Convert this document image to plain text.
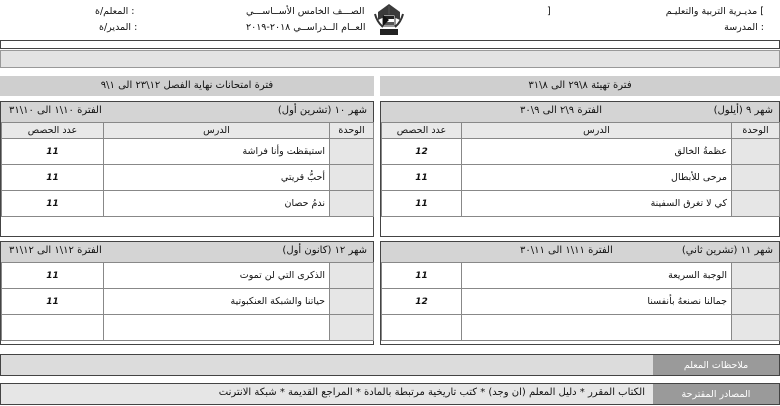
مديـرية التربية والتعليـم [
]
المدرسة :
الصـــف الخامس الأســاســـي
العــام الــدراســي ٢٠١٨-٢٠١٩
المعلم/ة :
المدير/ة :
فترة تهيئة ٨\٢٩ الى ٨\٣١
فترة امتحانات نهاية الفصل ١٢\٢٣ الى ١\٩
شهر ٩ (أيلول)
الفترة ٩\٢ الى ٩\٣٠
الوحدة	الدرس	عدد الحصص
	عظمةُ الخالق	12
	مرحى للأبطال	11
	كي لا تغرق السفينة	11
شهر ١٠ (تشرين أول)
الفترة ١٠\١ الى ١٠\٣١
الوحدة	الدرس	عدد الحصص
	استيقظت وأنا فراشة	11
	أحبُّ قريتي	11
	ندمُ حصان	11
شهر ١١ (تشرين ثاني)
الفترة ١١\١ الى ١١\٣٠
	الوجبة السريعة	11
	جمالنا نصنعهُ بأنفسنا	12

شهر ١٢ (كانون أول)
الفترة ١٢\١ الى ١٢\٣١
	الذكرى التي لن تموت	11
	حياتنا والشبكة العنكبوتية	11

ملاحظات المعلم
المصادر المقترحة
الكتاب المقرر * دليل المعلم (ان وجد) * كتب تاريخية مرتبطة بالمادة * المراجع القديمة * شبكة الانترنت
